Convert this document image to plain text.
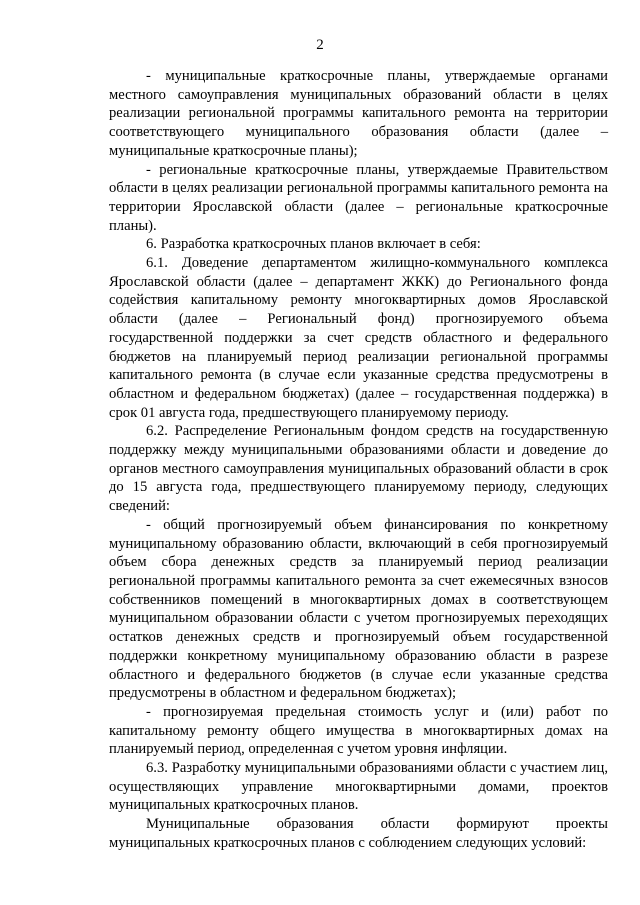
2

- муниципальные краткосрочные планы, утверждаемые органами местного самоуправления муниципальных образований области в целях реализации региональной программы капитального ремонта на территории соответствующего муниципального образования области (далее – муниципальные краткосрочные планы);

- региональные краткосрочные планы, утверждаемые Правительством области в целях реализации региональной программы капитального ремонта на территории Ярославской области (далее – региональные краткосрочные планы).

6. Разработка краткосрочных планов включает в себя:

6.1. Доведение департаментом жилищно-коммунального комплекса Ярославской области (далее – департамент ЖКК) до Регионального фонда содействия капитальному ремонту многоквартирных домов Ярославской области (далее – Региональный фонд) прогнозируемого объема государственной поддержки за счет средств областного и федерального бюджетов на планируемый период реализации региональной программы капитального ремонта (в случае если указанные средства предусмотрены в областном и федеральном бюджетах) (далее – государственная поддержка) в срок 01 августа года, предшествующего планируемому периоду.

6.2. Распределение Региональным фондом средств на государственную поддержку между муниципальными образованиями области и доведение до органов местного самоуправления муниципальных образований области в срок до 15 августа года, предшествующего планируемому периоду, следующих сведений:

- общий прогнозируемый объем финансирования по конкретному муниципальному образованию области, включающий в себя прогнозируемый объем сбора денежных средств за планируемый период реализации региональной программы капитального ремонта за счет ежемесячных взносов собственников помещений в многоквартирных домах в соответствующем муниципальном образовании области с учетом прогнозируемых переходящих остатков денежных средств и прогнозируемый объем государственной поддержки конкретному муниципальному образованию области в разрезе областного и федерального бюджетов (в случае если указанные средства предусмотрены в областном и федеральном бюджетах);

- прогнозируемая предельная стоимость услуг и (или) работ по капитальному ремонту общего имущества в многоквартирных домах на планируемый период, определенная с учетом уровня инфляции.

6.3. Разработку муниципальными образованиями области с участием лиц, осуществляющих управление многоквартирными домами, проектов муниципальных краткосрочных планов.

Муниципальные образования области формируют проекты муниципальных краткосрочных планов с соблюдением следующих условий:
